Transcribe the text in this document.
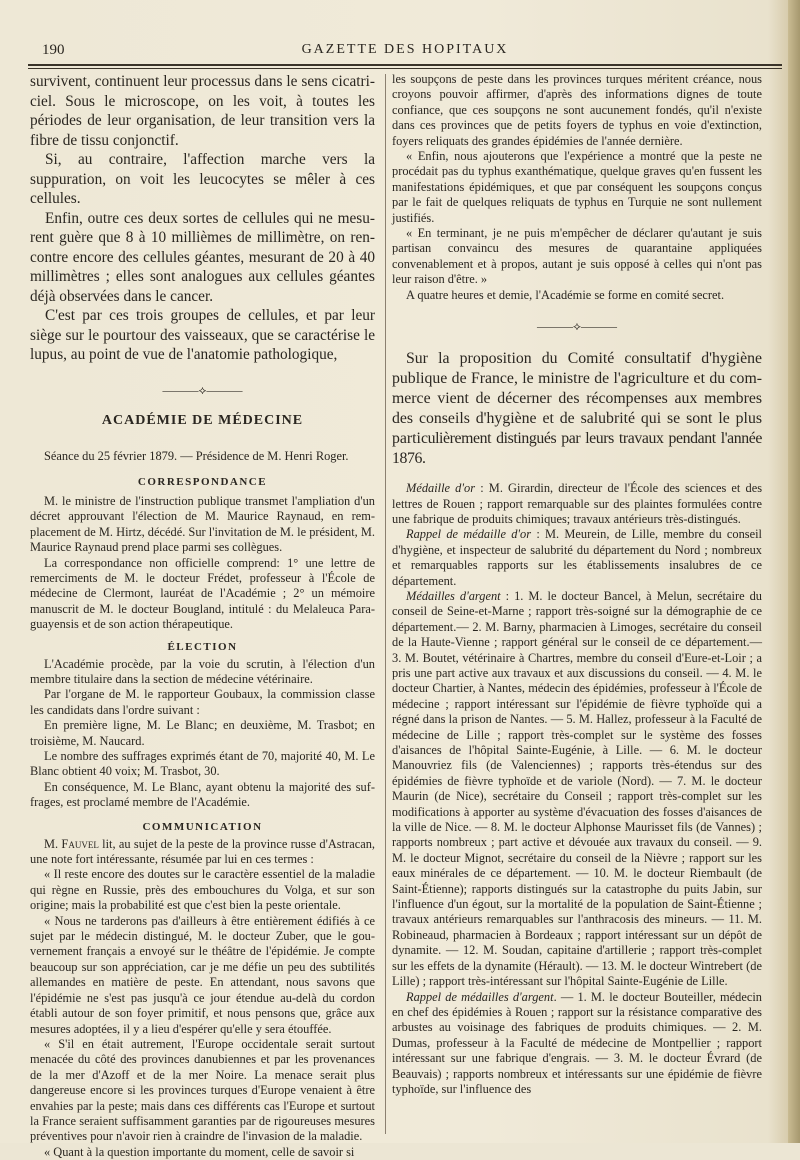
190	GAZETTE DES HOPITAUX

survivent, continuent leur processus dans le sens cicatriciel. Sous le microscope, on les voit, à toutes les périodes de leur organisation, de leur transition vers la fibre de tissu conjonctif.

Si, au contraire, l'affection marche vers la suppuration, on voit les leucocytes se mêler à ces cellules.

Enfin, outre ces deux sortes de cellules qui ne mesurent guère que 8 à 10 millièmes de millimètre, on rencontre encore des cellules géantes, mesurant de 20 à 40 millimètres ; elles sont analogues aux cellules géantes déjà observées dans le cancer.

C'est par ces trois groupes de cellules, et par leur siège sur le pourtour des vaisseaux, que se caractérise le lupus, au point de vue de l'anatomie pathologique,

———⟡———

ACADÉMIE DE MÉDECINE

Séance du 25 février 1879. — Présidence de M. Henri Roger.

CORRESPONDANCE

M. le ministre de l'instruction publique transmet l'ampliation d'un décret approuvant l'élection de M. Maurice Raynaud, en remplacement de M. Hirtz, décédé. Sur l'invitation de M. le président, M. Maurice Raynaud prend place parmi ses collègues.

La correspondance non officielle comprend: 1° une lettre de remerciments de M. le docteur Frédet, professeur à l'École de médecine de Clermont, lauréat de l'Académie ; 2° un mémoire manuscrit de M. le docteur Bougland, intitulé : du Melaleuca Paraguayensis et de son action thérapeutique.

ÉLECTION

L'Académie procède, par la voie du scrutin, à l'élection d'un membre titulaire dans la section de médecine vétérinaire.

Par l'organe de M. le rapporteur Goubaux, la commission classe les candidats dans l'ordre suivant :

En première ligne, M. Le Blanc; en deuxième, M. Trasbot; en troisième, M. Naucard.

Le nombre des suffrages exprimés étant de 70, majorité 40, M. Le Blanc obtient 40 voix; M. Trasbot, 30.

En conséquence, M. Le Blanc, ayant obtenu la majorité des suffrages, est proclamé membre de l'Académie.

COMMUNICATION

M. Fauvel lit, au sujet de la peste de la province russe d'Astracan, une note fort intéressante, résumée par lui en ces termes :

« Il reste encore des doutes sur le caractère essentiel de la maladie qui règne en Russie, près des embouchures du Volga, et sur son origine; mais la probabilité est que c'est bien la peste orientale.

« Nous ne tarderons pas d'ailleurs à être entièrement édifiés à ce sujet par le médecin distingué, M. le docteur Zuber, que le gouvernement français a envoyé sur le théâtre de l'épidémie. Je compte beaucoup sur son appréciation, car je me défie un peu des subtilités allemandes en matière de peste. En attendant, nous savons que l'épidémie ne s'est pas jusqu'à ce jour étendue au-delà du cordon établi autour de son foyer primitif, et nous pensons que, grâce aux mesures adoptées, il y a lieu d'espérer qu'elle y sera étouffée.

« S'il en était autrement, l'Europe occidentale serait surtout menacée du côté des provinces danubiennes et par les provenances de la mer d'Azoff et de la mer Noire. La menace serait plus dangereuse encore si les provinces turques d'Europe venaient à être envahies par la peste; mais dans ces différents cas l'Europe et surtout la France seraient suffisamment garanties par de rigoureuses mesures préventives pour n'avoir rien à craindre de l'invasion de la maladie.

« Quant à la question importante du moment, celle de savoir si

les soupçons de peste dans les provinces turques méritent créance, nous croyons pouvoir affirmer, d'après des informations dignes de toute confiance, que ces soupçons ne sont aucunement fondés, qu'il n'existe dans ces provinces que de petits foyers de typhus en voie d'extinction, foyers reliquats des grandes épidémies de l'année dernière.

« Enfin, nous ajouterons que l'expérience a montré que la peste ne procédait pas du typhus exanthématique, quelque graves qu'en fussent les manifestations épidémiques, et que par conséquent les soupçons conçus par le fait de quelques reliquats de typhus en Turquie ne sont nullement justifiés.

« En terminant, je ne puis m'empêcher de déclarer qu'autant je suis partisan convaincu des mesures de quarantaine appliquées convenablement et à propos, autant je suis opposé à celles qui n'ont pas leur raison d'être. »

A quatre heures et demie, l'Académie se forme en comité secret.

———⟡———

Sur la proposition du Comité consultatif d'hygiène publique de France, le ministre de l'agriculture et du commerce vient de décerner des récompenses aux membres des conseils d'hygiène et de salubrité qui se sont le plus particulièrement distingués par leurs travaux pendant l'année 1876.

Médaille d'or : M. Girardin, directeur de l'École des sciences et des lettres de Rouen ; rapport remarquable sur des plaintes formulées contre une fabrique de produits chimiques; travaux antérieurs très-distingués.

Rappel de médaille d'or : M. Meurein, de Lille, membre du conseil d'hygiène, et inspecteur de salubrité du département du Nord ; nombreux et remarquables rapports sur les établissements insalubres de ce département.

Médailles d'argent : 1. M. le docteur Bancel, à Melun, secrétaire du conseil de Seine-et-Marne ; rapport très-soigné sur la démographie de ce département.— 2. M. Barny, pharmacien à Limoges, secrétaire du conseil de la Haute-Vienne ; rapport général sur le conseil de ce département.— 3. M. Boutet, vétérinaire à Chartres, membre du conseil d'Eure-et-Loir ; a pris une part active aux travaux et aux discussions du conseil. — 4. M. le docteur Chartier, à Nantes, médecin des épidémies, professeur à l'École de médecine ; rapport intéressant sur l'épidémie de fièvre typhoïde qui a régné dans la prison de Nantes. — 5. M. Hallez, professeur à la Faculté de médecine de Lille ; rapport très-complet sur le système des fosses d'aisances de l'hôpital Sainte-Eugénie, à Lille. — 6. M. le docteur Manouvriez fils (de Valenciennes) ; rapports très-étendus sur des épidémies de fièvre typhoïde et de variole (Nord). — 7. M. le docteur Maurin (de Nice), secrétaire du Conseil ; rapport très-complet sur les modifications à apporter au système d'évacuation des fosses d'aisances de la ville de Nice. — 8. M. le docteur Alphonse Maurisset fils (de Vannes) ; rapports nombreux ; part active et dévouée aux travaux du conseil. — 9. M. le docteur Mignot, secrétaire du conseil de la Nièvre ; rapport sur les eaux minérales de ce département. — 10. M. le docteur Riembault (de Saint-Étienne); rapports distingués sur la catastrophe du puits Jabin, sur l'influence d'un égout, sur la mortalité de la population de Saint-Étienne ; travaux antérieurs remarquables sur l'anthracosis des mineurs. — 11. M. Robineaud, pharmacien à Bordeaux ; rapport intéressant sur un dépôt de dynamite. — 12. M. Soudan, capitaine d'artillerie ; rapport très-complet sur les effets de la dynamite (Hérault). — 13. M. le docteur Wintrebert (de Lille) ; rapport très-intéressant sur l'hôpital Sainte-Eugénie de Lille.

Rappel de médailles d'argent. — 1. M. le docteur Bouteiller, médecin en chef des épidémies à Rouen ; rapport sur la résistance comparative des arbustes au voisinage des fabriques de produits chimiques. — 2. M. Dumas, professeur à la Faculté de médecine de Montpellier ; rapport intéressant sur une fabrique d'engrais. — 3. M. le docteur Évrard (de Beauvais) ; rapports nombreux et intéressants sur une épidémie de fièvre typhoïde, sur l'influence des
